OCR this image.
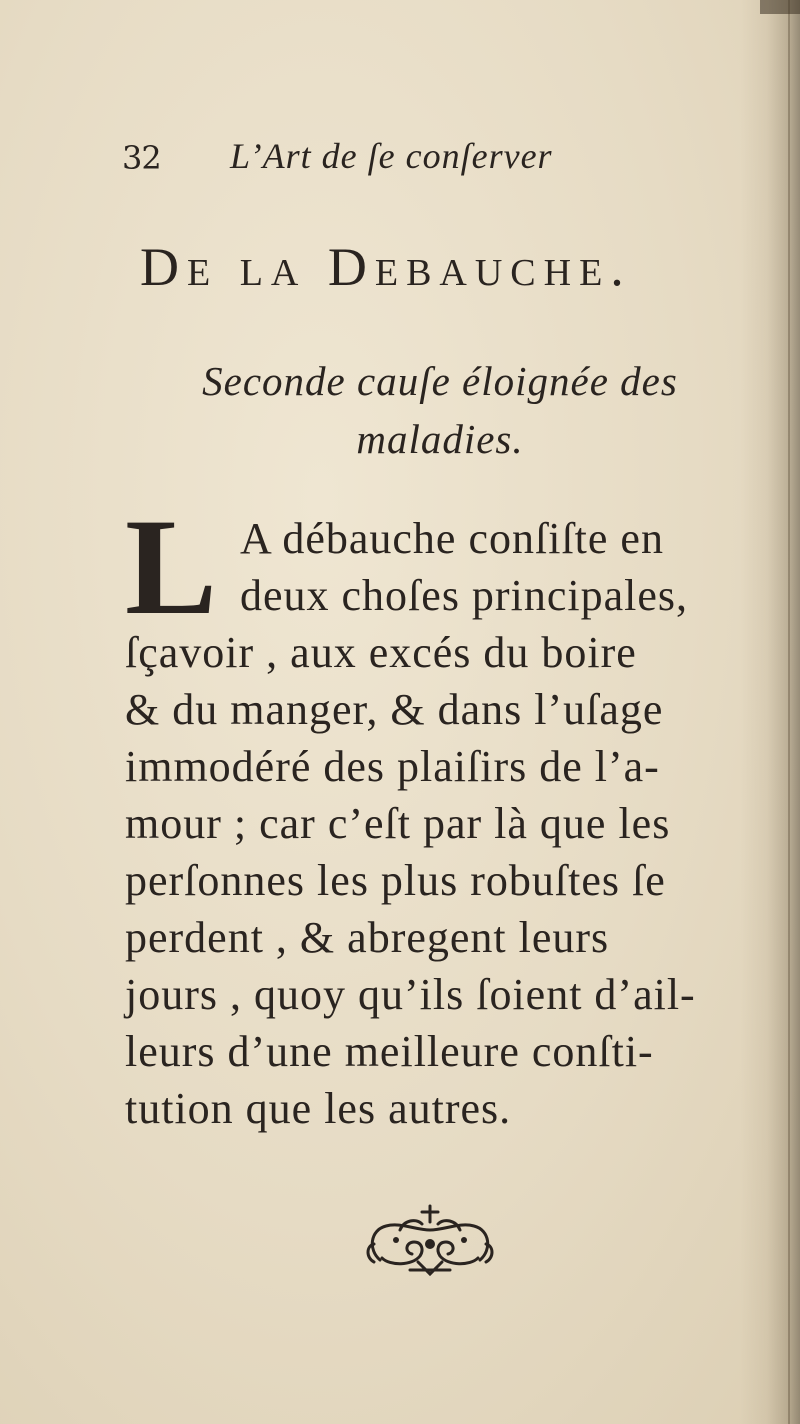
32 L’Art de ſe conſerver
De la Debauche.
Seconde cauſe éloignée des
maladies.
L A débauche conſiſte en
deux choſes principales,
ſçavoir , aux excés du boire
& du manger, & dans l’uſage
immodéré des plaiſirs de l’a-
mour ; car c’eſt par là que les
perſonnes les plus robuſtes ſe
perdent , & abregent leurs
jours , quoy qu’ils ſoient d’ail-
leurs d’une meilleure conſti-
tution que les autres.
